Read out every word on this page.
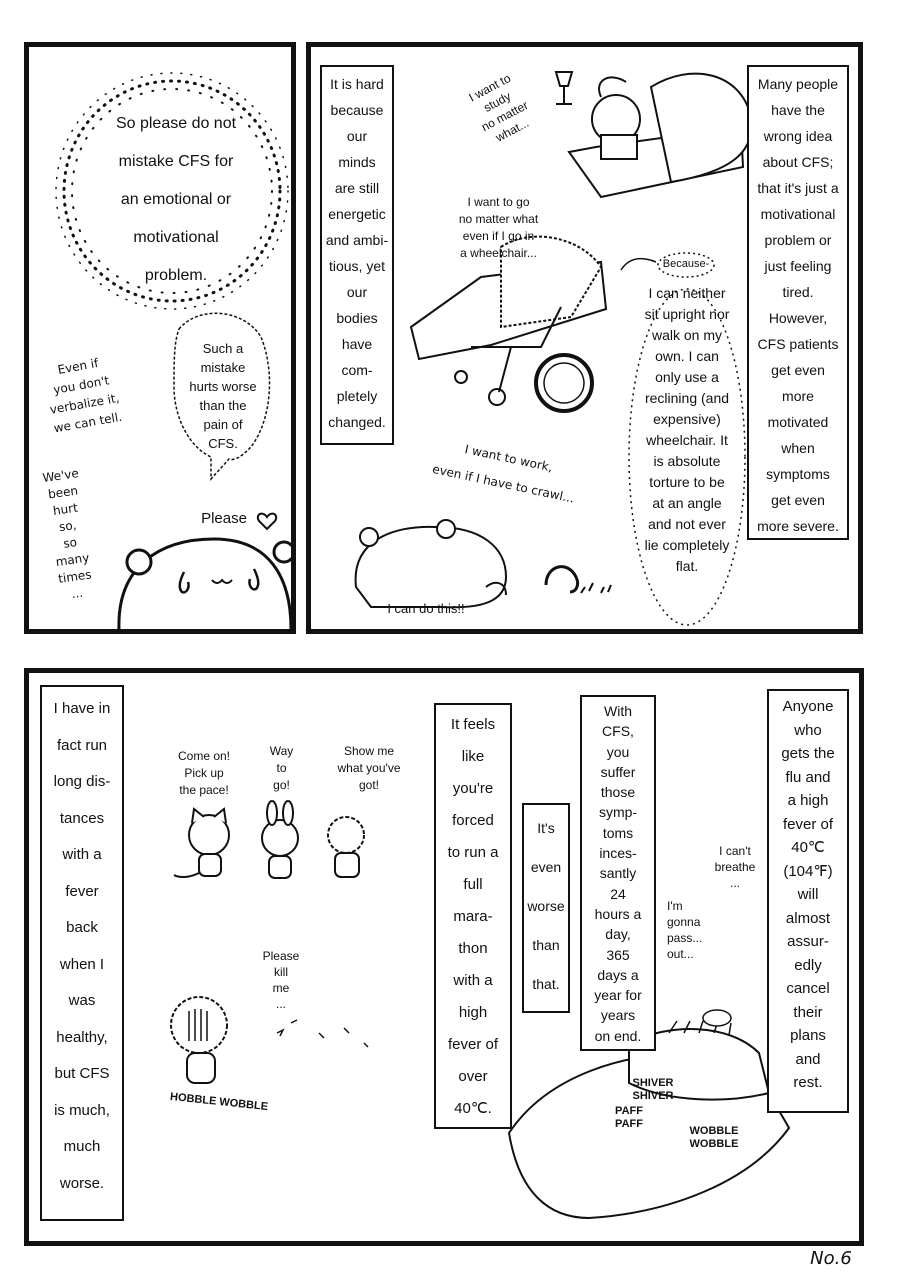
So please do not
mistake CFS for
an emotional or
motivational
problem.
Such a
mistake
hurts worse
than the
pain of
CFS.
Even if
you don't
verbalize it,
we can tell.
We've
been
hurt
so,
so
many
times
...
Please
It is hard
because
our
minds
are still
energetic
and ambi-
tious, yet
our
bodies
have
com-
pletely
changed.
I want to
study
no matter
what...
I want to go
no matter what
even if I go in
a wheelchair...
Because-
I can neither
sit upright nor
walk on my
own. I can
only use a
reclining (and
expensive)
wheelchair. It
is absolute
torture to be
at an angle
and not ever
lie completely
flat.
Many people
have the
wrong idea
about CFS;
that it's just a
motivational
problem or
just feeling
tired.
However,
CFS patients
get even
more
motivated
when
symptoms
get even
more severe.
I want to work,
even if I have to crawl...
I can do this!!
I have in
fact run
long dis-
tances
with a
fever
back
when I
was
healthy,
but CFS
is much,
much
worse.
Come on!
Pick up
the pace!
Way
to
go!
Show me
what you've
got!
Please
kill
me
...
HOBBLE WOBBLE
It feels
like
you're
forced
to run a
full
mara-
thon
with a
high
fever of
over
40℃.
It's
even
worse
than
that.
With
CFS,
you
suffer
those
symp-
toms
inces-
santly
24
hours a
day,
365
days a
year for
years
on end.
I can't
breathe
...
I'm
gonna
pass...
out...
SHIVER
SHIVER
PAFF
PAFF
WOBBLE
WOBBLE
Anyone
who
gets the
flu and
a high
fever of
40℃
(104℉)
will
almost
assur-
edly
cancel
their
plans
and
rest.
No.6
